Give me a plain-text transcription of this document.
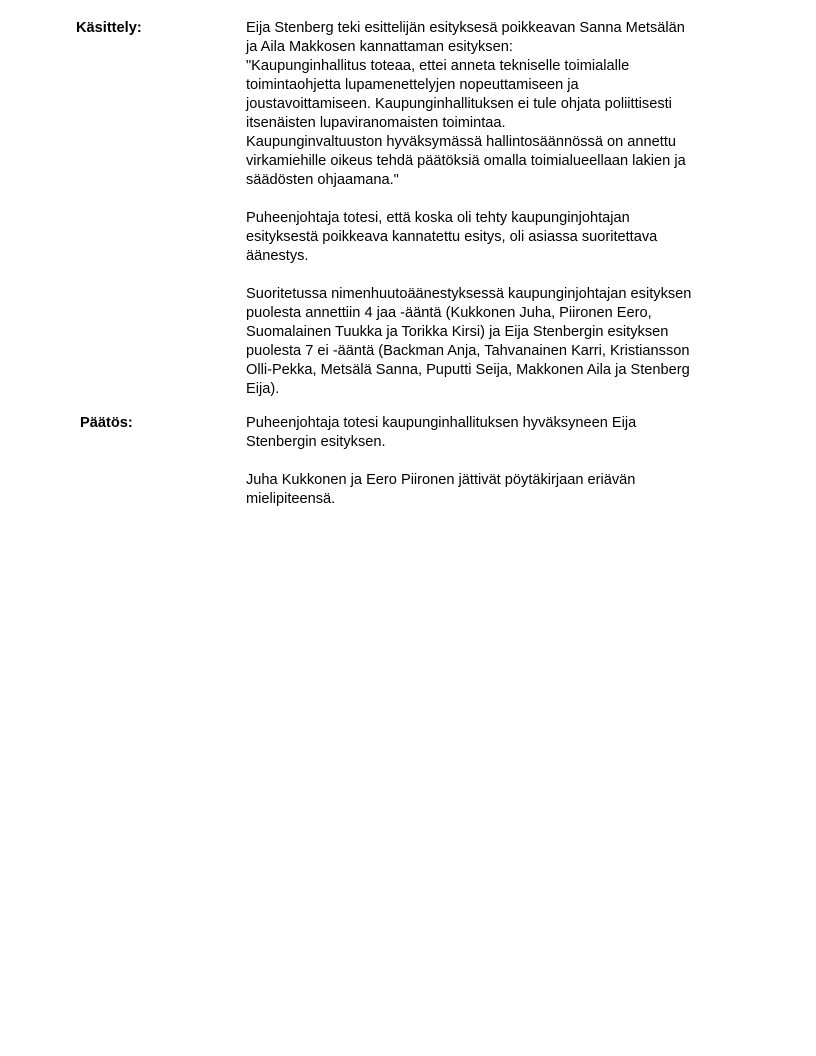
Käsittely:	Eija Stenberg teki esittelijän esityksesä poikkeavan Sanna Metsälän
ja Aila Makkosen kannattaman esityksen:
"Kaupunginhallitus toteaa, ettei anneta tekniselle toimialalle
toimintaohjetta lupamenettelyjen nopeuttamiseen ja
joustavoittamiseen. Kaupunginhallituksen ei tule ohjata poliittisesti
itsenäisten lupaviranomaisten toimintaa.
Kaupunginvaltuuston hyväksymässä hallintosäännössä on annettu
virkamiehille oikeus tehdä päätöksiä omalla toimialueellaan lakien ja
säädösten ohjaamana."

Puheenjohtaja totesi, että koska oli tehty kaupunginjohtajan
esityksestä poikkeava kannatettu esitys, oli asiassa suoritettava
äänestys.

Suoritetussa nimenhuutoäänestyksessä kaupunginjohtajan esityksen
puolesta annettiin 4 jaa -ääntä (Kukkonen Juha, Piironen Eero,
Suomalainen Tuukka ja Torikka Kirsi) ja Eija Stenbergin esityksen
puolesta 7 ei -ääntä (Backman Anja, Tahvanainen Karri, Kristiansson
Olli-Pekka, Metsälä Sanna, Puputti Seija, Makkonen Aila ja Stenberg
Eija).

Päätös:	Puheenjohtaja totesi kaupunginhallituksen hyväksyneen Eija
Stenbergin esityksen.

Juha Kukkonen ja Eero Piironen jättivät pöytäkirjaan eriävän
mielipiteensä.
